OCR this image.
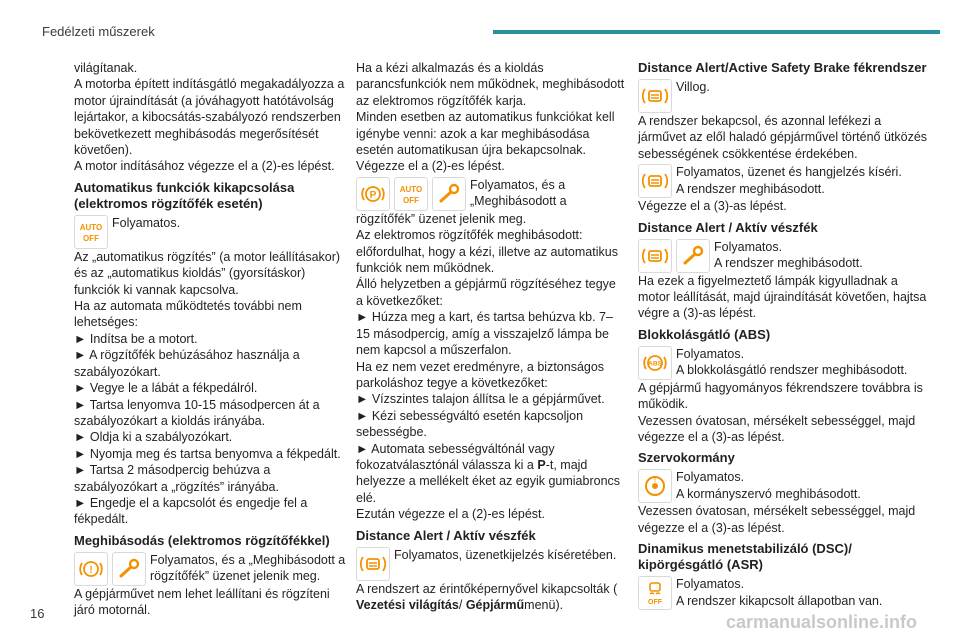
Fedélzeti műszerek

világítanak.

A motorba épített indításgátló megakadályozza a motor újraindítását (a jóváhagyott hatótávolság lejártakor, a kibocsátás-szabályozó rendszerben bekövetkezett meghibásodás megerősítését követően).

A motor indításához végezze el a (2)-es lépést.

Automatikus funkciók kikapcsolása (elektromos rögzítőfék esetén)
AUTO
OFF

Folyamatos.

Az „automatikus rögzítés” (a motor leállításakor) és az „automatikus kioldás” (gyorsításkor) funkciók ki vannak kapcsolva.

Ha az automata működtetés további nem lehetséges:

► Indítsa be a motort.

► A rögzítőfék behúzásához használja a szabályozókart.

► Vegye le a lábát a fékpedálról.

► Tartsa lenyomva 10-15 másodpercen át a szabályozókart a kioldás irányába.

► Oldja ki a szabályozókart.

► Nyomja meg és tartsa benyomva a fékpedált.

► Tartsa 2 másodpercig behúzva a szabályozókart a „rögzítés” irányába.

► Engedje el a kapcsolót és engedje fel a fékpedált.

Meghibásodás (elektromos rögzítőfékkel)
!

Folyamatos, és a „Meghibásodott a rögzítőfék” üzenet jelenik meg.

A gépjárművet nem lehet leállítani és rögzíteni járó motornál.

Ha a kézi alkalmazás és a kioldás parancsfunkciók nem működnek, meghibásodott az elektromos rögzítőfék karja.

Minden esetben az automatikus funkciókat kell igénybe venni: azok a kar meghibásodása esetén automatikusan újra bekapcsolnak.

Végezze el a (2)-es lépést.

P
AUTO
OFF

Folyamatos, és a „Meghibásodott a

rögzítőfék” üzenet jelenik meg.

Az elektromos rögzítőfék meghibásodott: előfordulhat, hogy a kézi, illetve az automatikus funkciók nem működnek.

Álló helyzetben a gépjármű rögzítéséhez tegye a következőket:

► Húzza meg a kart, és tartsa behúzva kb. 7–15 másodpercig, amíg a visszajelző lámpa be nem kapcsol a műszerfalon.

Ha ez nem vezet eredményre, a biztonságos parkoláshoz tegye a következőket:

► Vízszintes talajon állítsa le a gépjárművet.

► Kézi sebességváltó esetén kapcsoljon sebességbe.

► Automata sebességváltónál vagy fokozatválasztónál válassza ki a P-t, majd helyezze a mellékelt éket az egyik gumiabroncs elé.

Ezután végezze el a (2)-es lépést.

Distance Alert / Aktív vészfék

Folyamatos, üzenetkijelzés kíséretében.

A rendszert az érintőképernyővel kikapcsolták ( Vezetési világítás/ Gépjárműmenü).

Distance Alert/Active Safety Brake fékrendszer

Villog.

A rendszer bekapcsol, és azonnal lefékezi a járművet az elől haladó gépjárművel történő ütközés sebességének csökkentése érdekében.

Folyamatos, üzenet és hangjelzés kíséri.

A rendszer meghibásodott.

Végezze el a (3)-as lépést.

Distance Alert / Aktív vészfék

Folyamatos.

A rendszer meghibásodott.

Ha ezek a figyelmeztető lámpák kigyulladnak a motor leállítását, majd újraindítását követően, hajtsa végre a (3)-as lépést.

Blokkolásgátló (ABS)
ABS

Folyamatos.

A blokkolásgátló rendszer meghibásodott.

A gépjármű hagyományos fékrendszere továbbra is működik.

Vezessen óvatosan, mérsékelt sebességgel, majd végezze el a (3)-as lépést.

Szervokormány
! Folyamatos.

A kormányszervó meghibásodott.

Vezessen óvatosan, mérsékelt sebességgel, majd végezze el a (3)-as lépést.

Dinamikus menetstabilizáló (DSC)/ kipörgésgátló (ASR)
OFF

Folyamatos.

A rendszer kikapcsolt állapotban van.

16	carmanualsonline.info
